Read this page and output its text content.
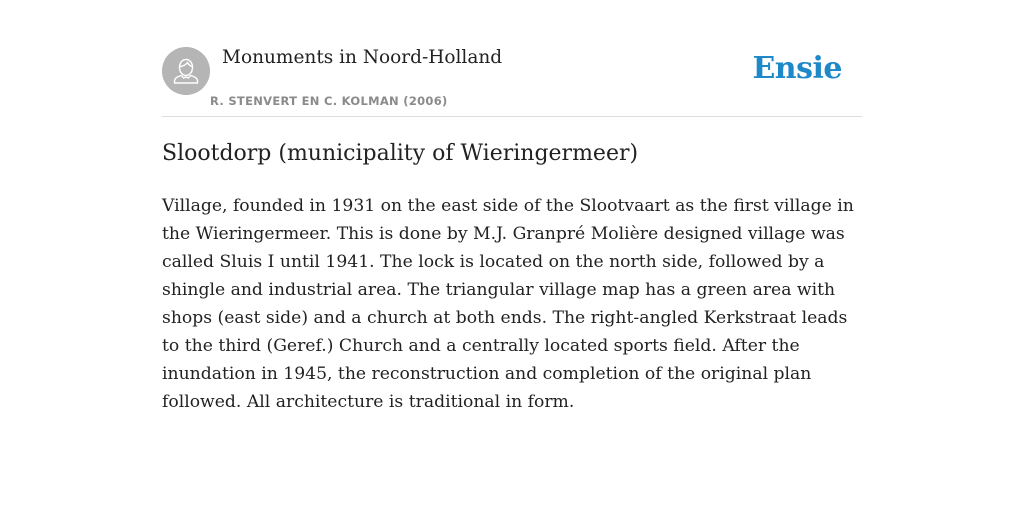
Monuments in Noord-Holland
R. STENVERT EN C. KOLMAN (2006)
Ensie
Slootdorp (municipality of Wieringermeer)

Village, founded in 1931 on the east side of the Slootvaart as the first village in the Wieringermeer. This is done by M.J. Granpré Molière designed village was called Sluis I until 1941. The lock is located on the north side, followed by a shingle and industrial area. The triangular village map has a green area with shops (east side) and a church at both ends. The right-angled Kerkstraat leads to the third (Geref.) Church and a centrally located sports field. After the inundation in 1945, the reconstruction and completion of the original plan followed. All architecture is traditional in form.
